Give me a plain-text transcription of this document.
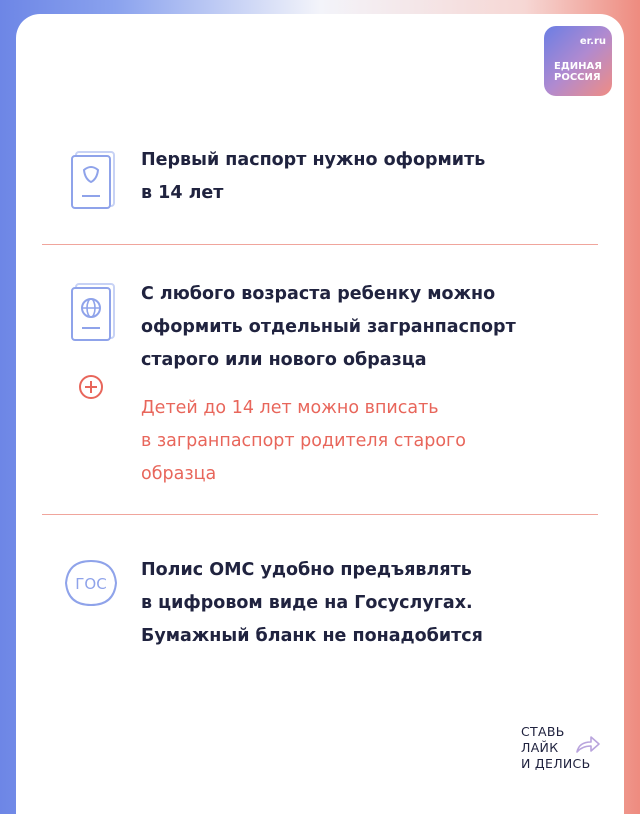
er.ru
ЕДИНАЯ
РОССИЯ
Первый паспорт нужно оформить
в 14 лет
С любого возраста ребенку можно
оформить отдельный загранпаспорт
старого или нового образца
Детей до 14 лет можно вписать
в загранпаспорт родителя старого
образца
ГОС
Полис ОМС удобно предъявлять
в цифровом виде на Госуслугах.
Бумажный бланк не понадобится
СТАВЬ
ЛАЙК
И ДЕЛИСЬ
